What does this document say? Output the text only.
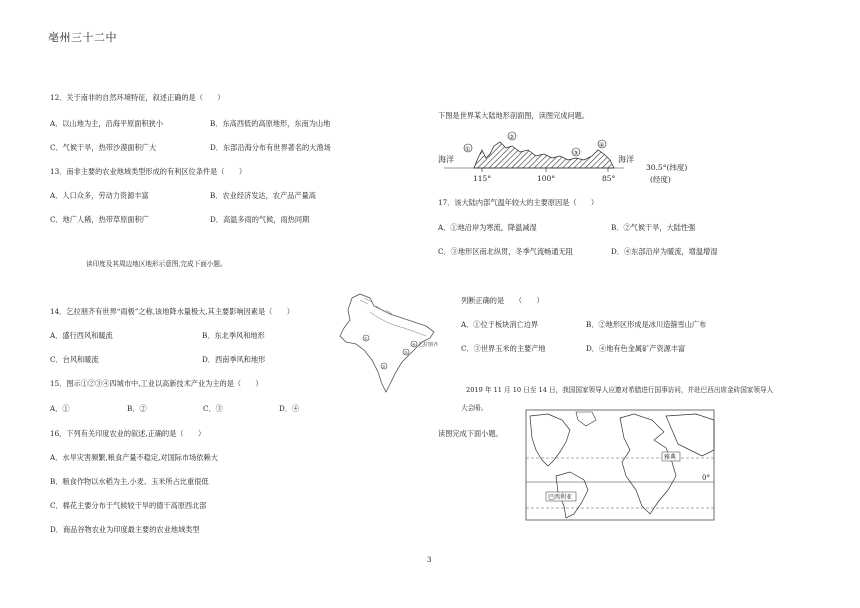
亳州三十二中
12．关于南非的自然环境特征，叙述正确的是（　　）
A．以山地为主，沿海平原面积狭小	B．东高西低的高原地形，东南为山地
C．气候干旱，热带沙漠面积广大	D．东部沿海分布有世界著名的大渔场
13．南非主要的农业地域类型形成的有利区位条件是（　　）
A．人口众多，劳动力资源丰富	B．农业经济发达，农产品产量高
C．地广人稀，热带草原面积广	D．高温多雨的气候，雨热同期
读印度及其周边地区地形示意图,完成下面小题。
14．乞拉朋齐有世界“雨极”之称,该地降水量极大,其主要影响因素是（　　）
A．盛行西风和暖流	B．东北季风和地形
C．台风和暖流	D．西南季风和地形
15．图示①②③④四城市中,工业以高新技术产业为主的是（　　）
A．①	B．②	C．③	D．④
16．下列有关印度农业的叙述,正确的是（　　）
A．水旱灾害频繁,粮食产量不稳定,对国际市场依赖大
B．粮食作物以水稻为主,小麦、玉米所占比重很低
C．棉花主要分布于气候较干旱的德干高原西北部
D．商品谷物农业为印度最主要的农业地域类型
①
②
③
④ 乞拉朋齐
下图是世界某大陆地形剖面图，读图完成问题。
海洋	海洋
①
②
③
④
115°	100°	85°
30.5°(纬度)
(经度)
17．该大陆内部气温年较大的主要原因是（　　）
A．①地沿岸为寒流，降温减湿	B．②气候干旱，大陆性强
C．③地形区南北纵贯，冬季气流畅通无阻	D．④东部沿岸为暖流，增温增湿
列断正确的是　　（　　）
A．①位于板块消亡边界	B．②地形区形成是冰川造箍雪山广布
C．③世界玉米的主要产地	D．④地有色金属矿产资源丰富
2019 年 11 月 10 日至 14 日，我国国家领导人应邀对希腊进行国事访问，并赴巴西出席金砖国家领导人
大会晤。
读图完成下面小题。
雅典
巴西利亚
0°
3
